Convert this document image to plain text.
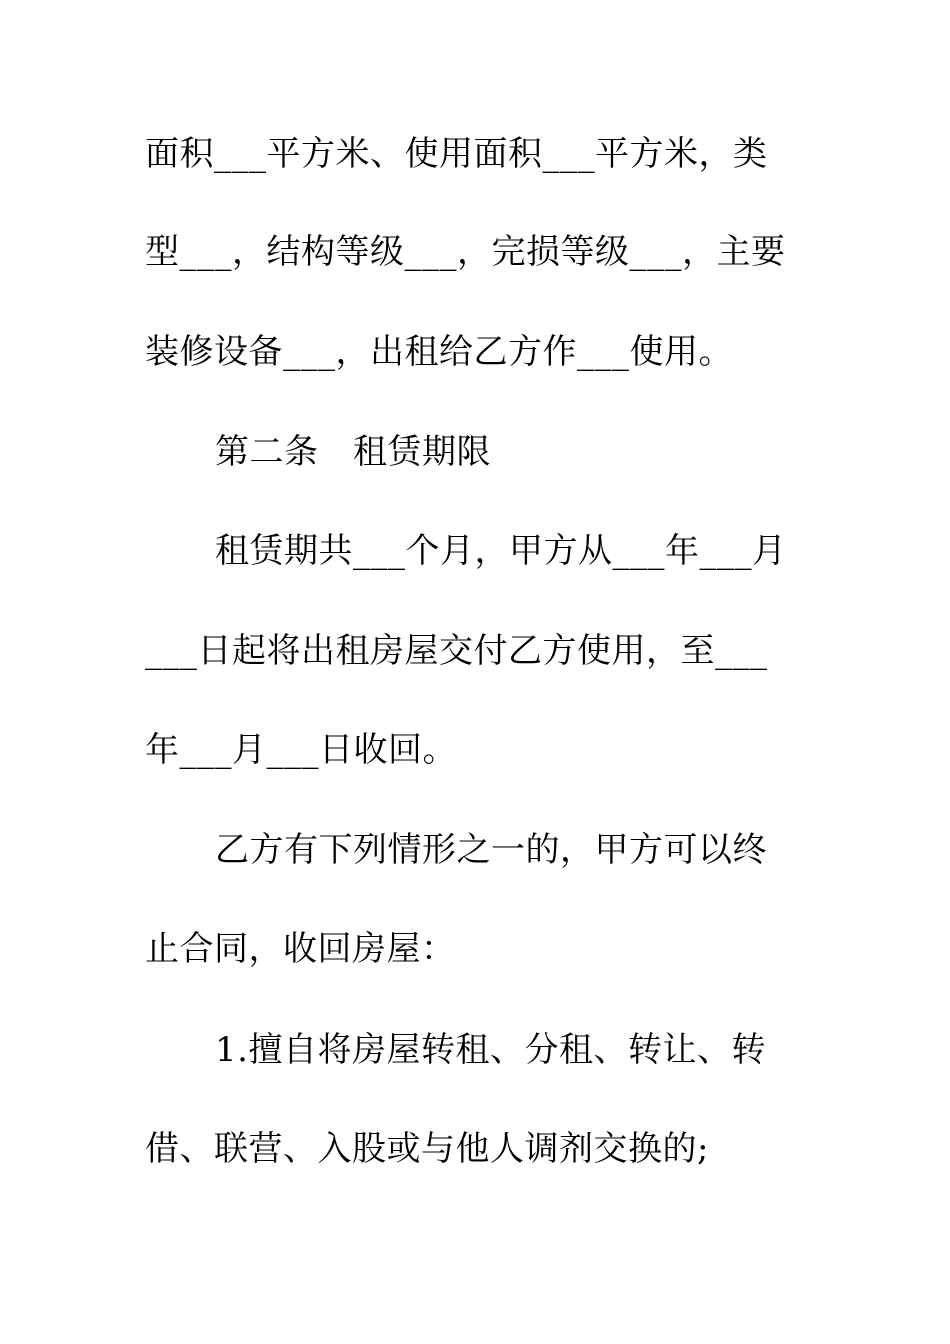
面积___平方米、使用面积___平方米，类
型___，结构等级___，完损等级___，主要
装修设备___，出租给乙方作___使用。
第二条　租赁期限
租赁期共___个月，甲方从___年___月
___日起将出租房屋交付乙方使用，至___
年___月___日收回。
乙方有下列情形之一的，甲方可以终
止合同，收回房屋：
1.擅自将房屋转租、分租、转让、转
借、联营、入股或与他人调剂交换的;
